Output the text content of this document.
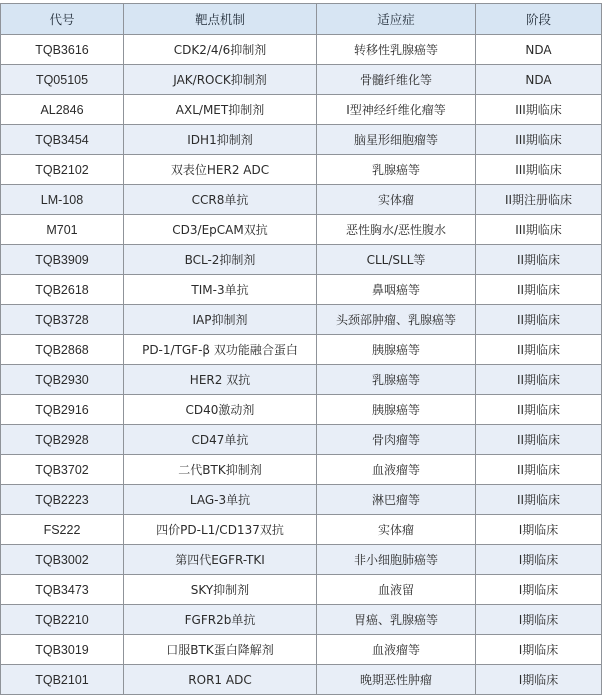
代号	靶点机制	适应症	阶段
TQB3616	CDK2/4/6抑制剂	转移性乳腺癌等	NDA
TQ05105	JAK/ROCK抑制剂	骨髓纤维化等	NDA
AL2846	AXL/MET抑制剂	I型神经纤维化瘤等	III期临床
TQB3454	IDH1抑制剂	脑星形细胞瘤等	III期临床
TQB2102	双表位HER2 ADC	乳腺癌等	III期临床
LM-108	CCR8单抗	实体瘤	II期注册临床
M701	CD3/EpCAM双抗	恶性胸水/恶性腹水	III期临床
TQB3909	BCL-2抑制剂	CLL/SLL等	II期临床
TQB2618	TIM-3单抗	鼻咽癌等	II期临床
TQB3728	IAP抑制剂	头颈部肿瘤、乳腺癌等	II期临床
TQB2868	PD-1/TGF-β 双功能融合蛋白	胰腺癌等	II期临床
TQB2930	HER2 双抗	乳腺癌等	II期临床
TQB2916	CD40激动剂	胰腺癌等	II期临床
TQB2928	CD47单抗	骨肉瘤等	II期临床
TQB3702	二代BTK抑制剂	血液瘤等	II期临床
TQB2223	LAG-3单抗	淋巴瘤等	II期临床
FS222	四价PD-L1/CD137双抗	实体瘤	I期临床
TQB3002	第四代EGFR-TKI	非小细胞肺癌等	I期临床
TQB3473	SKY抑制剂	血液留	I期临床
TQB2210	FGFR2b单抗	胃癌、乳腺癌等	I期临床
TQB3019	口服BTK蛋白降解剂	血液瘤等	I期临床
TQB2101	ROR1 ADC	晚期恶性肿瘤	I期临床
